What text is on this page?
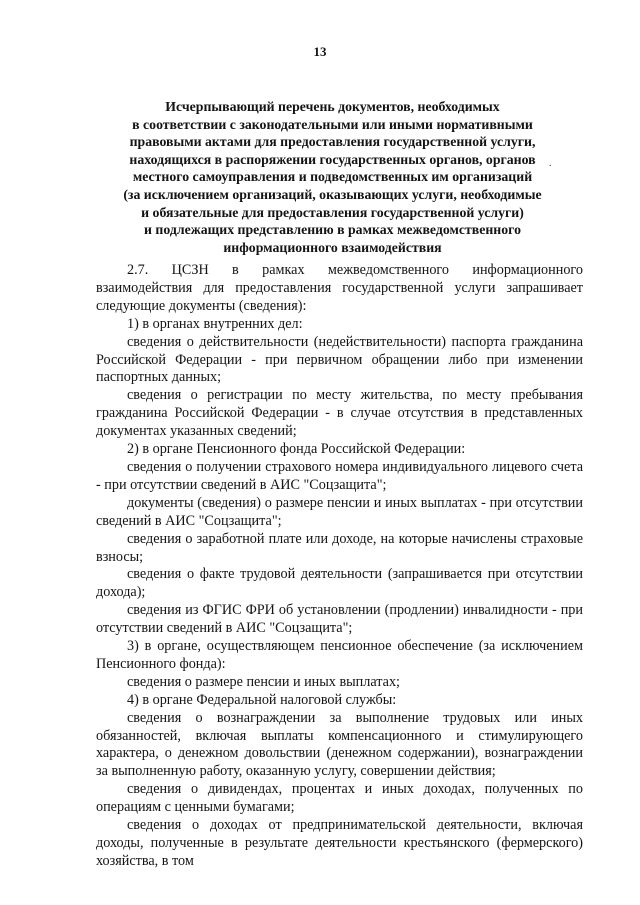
13
.
Исчерпывающий перечень документов, необходимых
в соответствии с законодательными или иными нормативными
правовыми актами для предоставления государственной услуги,
находящихся в распоряжении государственных органов, органов
местного самоуправления и подведомственных им организаций
(за исключением организаций, оказывающих услуги, необходимые
и обязательные для предоставления государственной услуги)
и подлежащих представлению в рамках межведомственного
информационного взаимодействия

2.7. ЦСЗН в рамках межведомственного информационного взаимодействия для предоставления государственной услуги запрашивает следующие документы (сведения):

1) в органах внутренних дел:

сведения о действительности (недействительности) паспорта гражданина Российской Федерации - при первичном обращении либо при изменении паспортных данных;

сведения о регистрации по месту жительства, по месту пребывания гражданина Российской Федерации - в случае отсутствия в представленных документах указанных сведений;

2) в органе Пенсионного фонда Российской Федерации:

сведения о получении страхового номера индивидуального лицевого счета - при отсутствии сведений в АИС "Соцзащита";

документы (сведения) о размере пенсии и иных выплатах - при отсутствии сведений в АИС "Соцзащита";

сведения о заработной плате или доходе, на которые начислены страховые взносы;

сведения о факте трудовой деятельности (запрашивается при отсутствии дохода);

сведения из ФГИС ФРИ об установлении (продлении) инвалидности - при отсутствии сведений в АИС "Соцзащита";

3) в органе, осуществляющем пенсионное обеспечение (за исключением Пенсионного фонда):

сведения о размере пенсии и иных выплатах;

4) в органе Федеральной налоговой службы:

сведения о вознаграждении за выполнение трудовых или иных обязанностей, включая выплаты компенсационного и стимулирующего характера, о денежном довольствии (денежном содержании), вознаграждении за выполненную работу, оказанную услугу, совершении действия;

сведения о дивидендах, процентах и иных доходах, полученных по операциям с ценными бумагами;

сведения о доходах от предпринимательской деятельности, включая доходы, полученные в результате деятельности крестьянского (фермерского) хозяйства, в том
